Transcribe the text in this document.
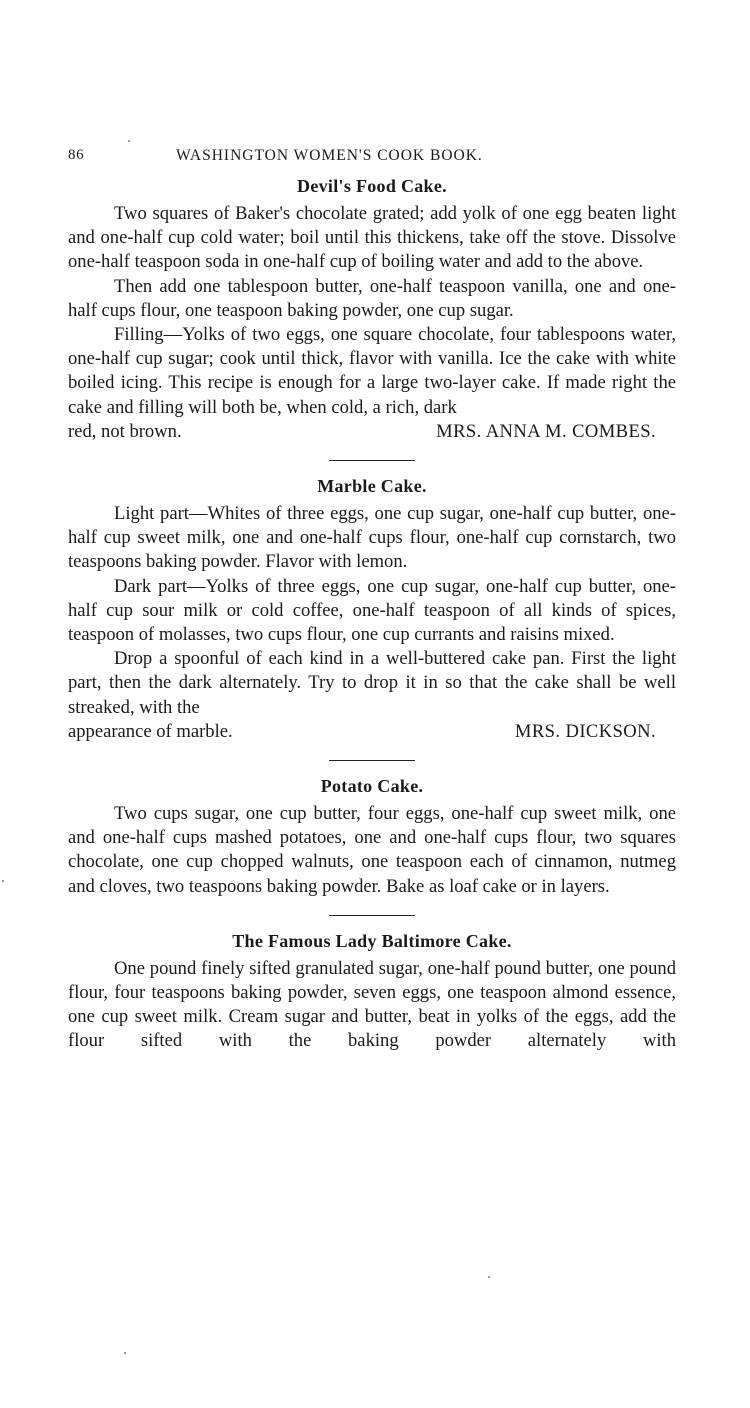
86	WASHINGTON WOMEN'S COOK BOOK.
Devil's Food Cake.

Two squares of Baker's chocolate grated; add yolk of one egg beaten light and one-half cup cold water; boil until this thickens, take off the stove. Dissolve one-half teaspoon soda in one-half cup of boiling water and add to the above.

Then add one tablespoon butter, one-half teaspoon vanilla, one and one-half cups flour, one teaspoon baking powder, one cup sugar.

Filling—Yolks of two eggs, one square chocolate, four tablespoons water, one-half cup sugar; cook until thick, flavor with vanilla. Ice the cake with white boiled icing. This recipe is enough for a large two-layer cake. If made right the cake and filling will both be, when cold, a rich, dark

red, not brown.	MRS. ANNA M. COMBES.
Marble Cake.

Light part—Whites of three eggs, one cup sugar, one-half cup butter, one-half cup sweet milk, one and one-half cups flour, one-half cup cornstarch, two teaspoons baking powder. Flavor with lemon.

Dark part—Yolks of three eggs, one cup sugar, one-half cup butter, one-half cup sour milk or cold coffee, one-half teaspoon of all kinds of spices, teaspoon of molasses, two cups flour, one cup currants and raisins mixed.

Drop a spoonful of each kind in a well-buttered cake pan. First the light part, then the dark alternately. Try to drop it in so that the cake shall be well streaked, with the

appearance of marble.	MRS. DICKSON.
Potato Cake.

Two cups sugar, one cup butter, four eggs, one-half cup sweet milk, one and one-half cups mashed potatoes, one and one-half cups flour, two squares chocolate, one cup chopped walnuts, one teaspoon each of cinnamon, nutmeg and cloves, two teaspoons baking powder. Bake as loaf cake or in layers.

The Famous Lady Baltimore Cake.

One pound finely sifted granulated sugar, one-half pound butter, one pound flour, four teaspoons baking powder, seven eggs, one teaspoon almond essence, one cup sweet milk. Cream sugar and butter, beat in yolks of the eggs, add the flour sifted with the baking powder alternately with
